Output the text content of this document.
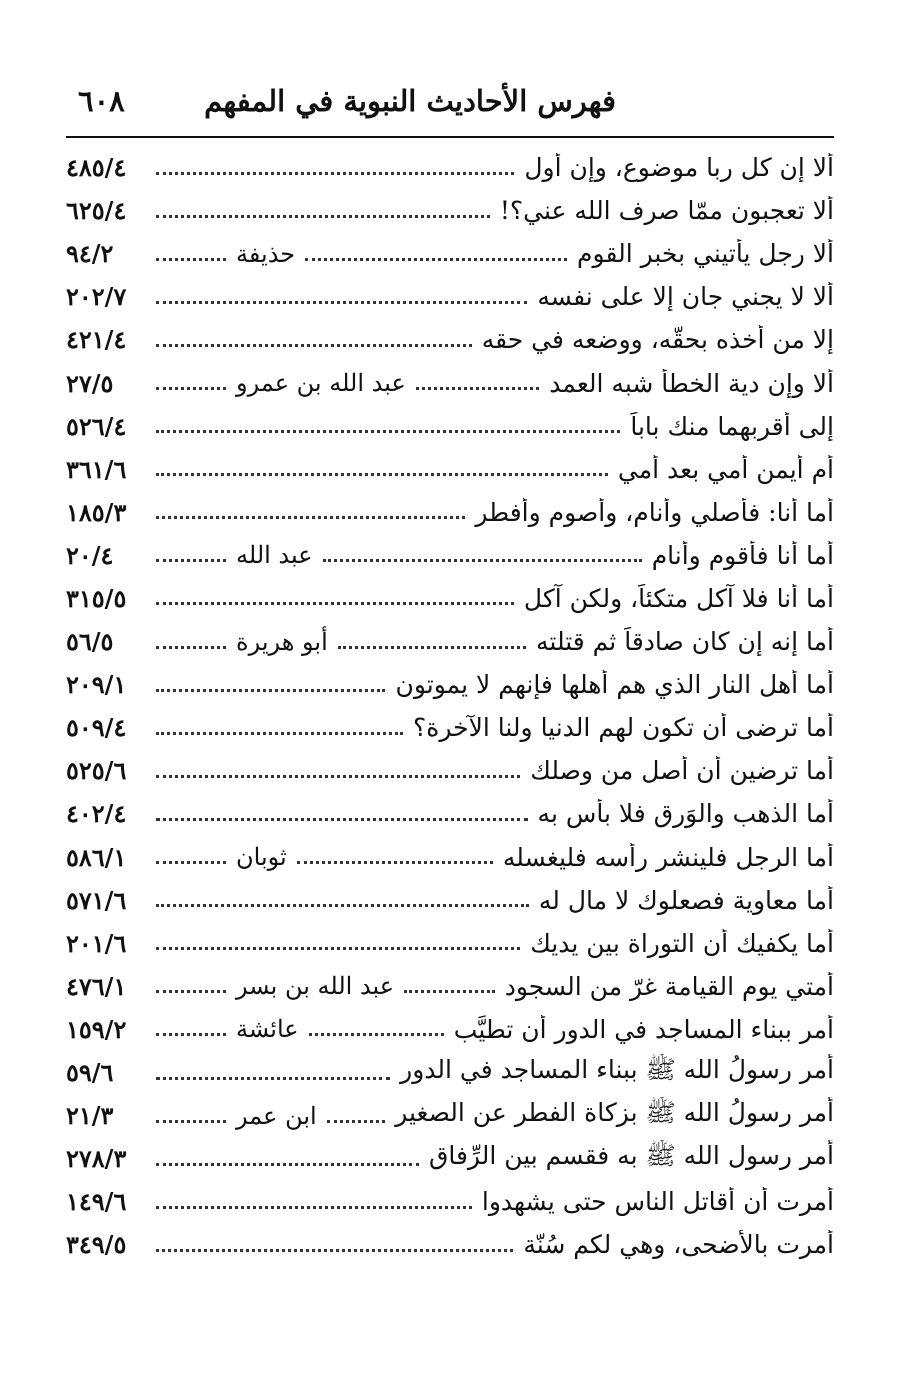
فهرس الأحاديث النبوية في المفهم
٦٠٨
ألا إن كل ربا موضوع، وإن أول
٤٨٥/٤
ألا تعجبون ممّا صرف الله عني؟!
٦٢٥/٤
ألا رجل يأتيني بخبر القوم
حذيفة
٩٤/٢
ألا لا يجني جان إلا على نفسه
٢٠٢/٧
إلا من أخذه بحقّه، ووضعه في حقه
٤٢١/٤
ألا وإن دية الخطأ شبه العمد
عبد الله بن عمرو
٢٧/٥
إلى أقربهما منك باباً
٥٢٦/٤
أم أيمن أمي بعد أمي
٣٦١/٦
أما أنا: فأصلي وأنام، وأصوم وأفطر
١٨٥/٣
أما أنا فأقوم وأنام
عبد الله
٢٠/٤
أما أنا فلا آكل متكئاً، ولكن آكل
٣١٥/٥
أما إنه إن كان صادقاً ثم قتلته
أبو هريرة
٥٦/٥
أما أهل النار الذي هم أهلها فإنهم لا يموتون
٢٠٩/١
أما ترضى أن تكون لهم الدنيا ولنا الآخرة؟
٥٠٩/٤
أما ترضين أن أصل من وصلك
٥٢٥/٦
أما الذهب والوَرِق فلا بأس به
٤٠٢/٤
أما الرجل فلينشر رأسه فليغسله
ثوبان
٥٨٦/١
أما معاوية فصعلوك لا مال له
٥٧١/٦
أما يكفيك أن التوراة بين يديك
٢٠١/٦
أمتي يوم القيامة غرّ من السجود
عبد الله بن بسر
٤٧٦/١
أمر ببناء المساجد في الدور أن تطيَّب
عائشة
١٥٩/٢
أمر رسولُ الله ﷺ ببناء المساجد في الدور
٥٩/٦
أمر رسولُ الله ﷺ بزكاة الفطر عن الصغير
ابن عمر
٢١/٣
أمر رسول الله ﷺ به فقسم بين الرِّفاق
٢٧٨/٣
أمرت أن أقاتل الناس حتى يشهدوا
١٤٩/٦
أمرت بالأضحى، وهي لكم سُنّة
٣٤٩/٥
